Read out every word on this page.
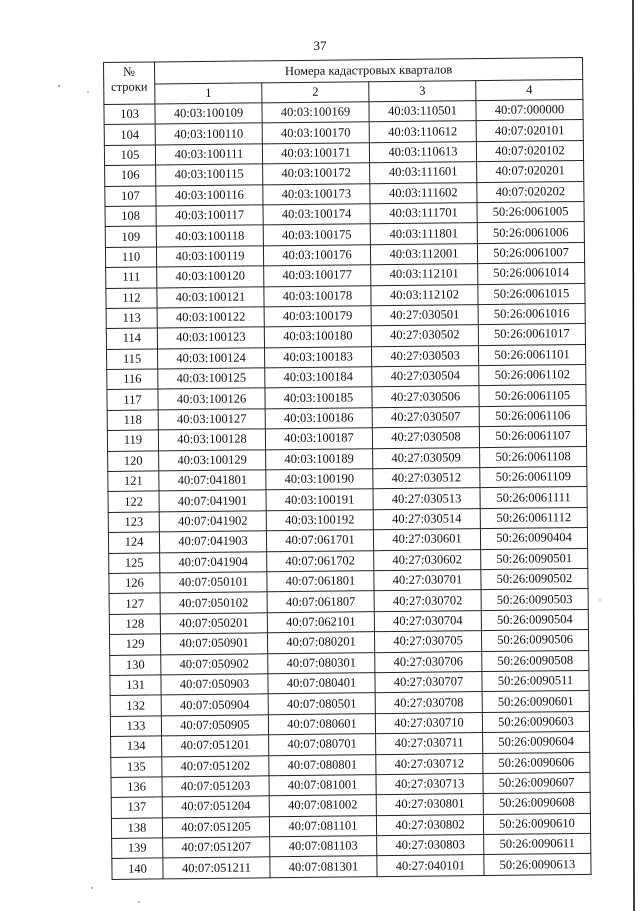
37
№
строки	Номера кадастровых кварталов			
	1	2	3	4
103	40:03:100109	40:03:100169	40:03:110501	40:07:000000
104	40:03:100110	40:03:100170	40:03:110612	40:07:020101
105	40:03:100111	40:03:100171	40:03:110613	40:07:020102
106	40:03:100115	40:03:100172	40:03:111601	40:07:020201
107	40:03:100116	40:03:100173	40:03:111602	40:07:020202
108	40:03:100117	40:03:100174	40:03:111701	50:26:0061005
109	40:03:100118	40:03:100175	40:03:111801	50:26:0061006
110	40:03:100119	40:03:100176	40:03:112001	50:26:0061007
111	40:03:100120	40:03:100177	40:03:112101	50:26:0061014
112	40:03:100121	40:03:100178	40:03:112102	50:26:0061015
113	40:03:100122	40:03:100179	40:27:030501	50:26:0061016
114	40:03:100123	40:03:100180	40:27:030502	50:26:0061017
115	40:03:100124	40:03:100183	40:27:030503	50:26:0061101
116	40:03:100125	40:03:100184	40:27:030504	50:26:0061102
117	40:03:100126	40:03:100185	40:27:030506	50:26:0061105
118	40:03:100127	40:03:100186	40:27:030507	50:26:0061106
119	40:03:100128	40:03:100187	40:27:030508	50:26:0061107
120	40:03:100129	40:03:100189	40:27:030509	50:26:0061108
121	40:07:041801	40:03:100190	40:27:030512	50:26:0061109
122	40:07:041901	40:03:100191	40:27:030513	50:26:0061111
123	40:07:041902	40:03:100192	40:27:030514	50:26:0061112
124	40:07:041903	40:07:061701	40:27:030601	50:26:0090404
125	40:07:041904	40:07:061702	40:27:030602	50:26:0090501
126	40:07:050101	40:07:061801	40:27:030701	50:26:0090502
127	40:07:050102	40:07:061807	40:27:030702	50:26:0090503
128	40:07:050201	40:07:062101	40:27:030704	50:26:0090504
129	40:07:050901	40:07:080201	40:27:030705	50:26:0090506
130	40:07:050902	40:07:080301	40:27:030706	50:26:0090508
131	40:07:050903	40:07:080401	40:27:030707	50:26:0090511
132	40:07:050904	40:07:080501	40:27:030708	50:26:0090601
133	40:07:050905	40:07:080601	40:27:030710	50:26:0090603
134	40:07:051201	40:07:080701	40:27:030711	50:26:0090604
135	40:07:051202	40:07:080801	40:27:030712	50:26:0090606
136	40:07:051203	40:07:081001	40:27:030713	50:26:0090607
137	40:07:051204	40:07:081002	40:27:030801	50:26:0090608
138	40:07:051205	40:07:081101	40:27:030802	50:26:0090610
139	40:07:051207	40:07:081103	40:27:030803	50:26:0090611
140	40:07:051211	40:07:081301	40:27:040101	50:26:0090613
